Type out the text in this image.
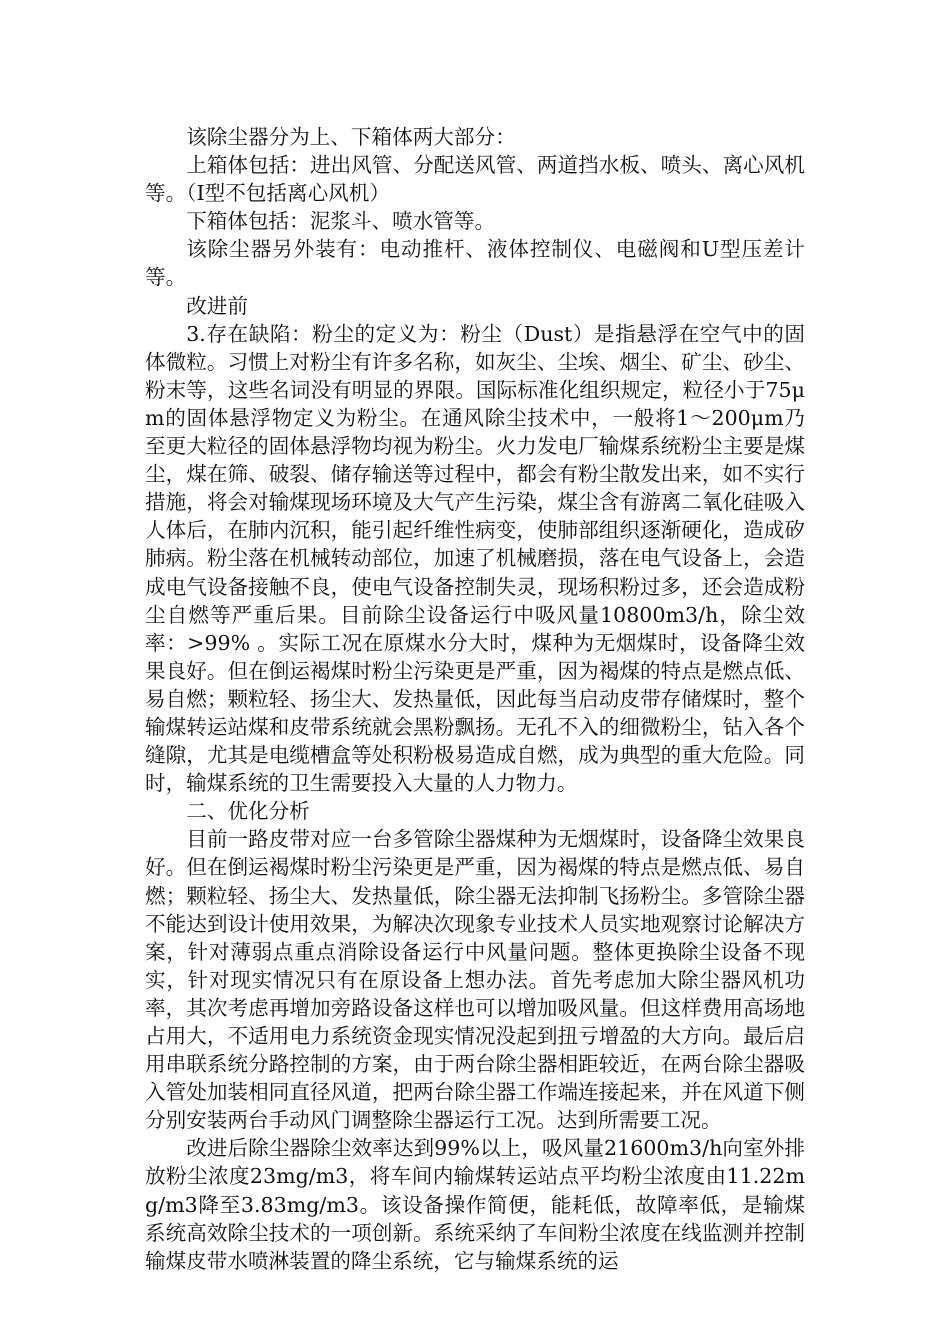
该除尘器分为上、下箱体两大部分：

上箱体包括：进出风管、分配送风管、两道挡水板、喷头、离心风机等。（Ⅰ型不包括离心风机）

下箱体包括：泥浆斗、喷水管等。

该除尘器另外装有：电动推杆、液体控制仪、电磁阀和U型压差计等。

改进前

3.存在缺陷：粉尘的定义为：粉尘（Dust）是指悬浮在空气中的固体微粒。习惯上对粉尘有许多名称，如灰尘、尘埃、烟尘、矿尘、砂尘、粉末等，这些名词没有明显的界限。国际标准化组织规定，粒径小于75μm的固体悬浮物定义为粉尘。在通风除尘技术中，一般将1～200μm乃至更大粒径的固体悬浮物均视为粉尘。火力发电厂输煤系统粉尘主要是煤尘，煤在筛、破裂、储存输送等过程中，都会有粉尘散发出来，如不实行措施，将会对输煤现场环境及大气产生污染，煤尘含有游离二氧化硅吸入人体后，在肺内沉积，能引起纤维性病变，使肺部组织逐渐硬化，造成矽肺病。粉尘落在机械转动部位，加速了机械磨损，落在电气设备上，会造成电气设备接触不良，使电气设备控制失灵，现场积粉过多，还会造成粉尘自燃等严重后果。目前除尘设备运行中吸风量10800m3/h，除尘效率：>99% 。实际工况在原煤水分大时，煤种为无烟煤时，设备降尘效果良好。但在倒运褐煤时粉尘污染更是严重，因为褐煤的特点是燃点低、易自燃；颗粒轻、扬尘大、发热量低，因此每当启动皮带存储煤时，整个输煤转运站煤和皮带系统就会黑粉飘扬。无孔不入的细微粉尘，钻入各个缝隙，尤其是电缆槽盒等处积粉极易造成自燃，成为典型的重大危险。同时，输煤系统的卫生需要投入大量的人力物力。

二、优化分析

目前一路皮带对应一台多管除尘器煤种为无烟煤时，设备降尘效果良好。但在倒运褐煤时粉尘污染更是严重，因为褐煤的特点是燃点低、易自燃；颗粒轻、扬尘大、发热量低，除尘器无法抑制飞扬粉尘。多管除尘器不能达到设计使用效果，为解决次现象专业技术人员实地观察讨论解决方案，针对薄弱点重点消除设备运行中风量问题。整体更换除尘设备不现实，针对现实情况只有在原设备上想办法。首先考虑加大除尘器风机功率，其次考虑再增加旁路设备这样也可以增加吸风量。但这样费用高场地占用大，不适用电力系统资金现实情况没起到扭亏增盈的大方向。最后启用串联系统分路控制的方案，由于两台除尘器相距较近，在两台除尘器吸入管处加装相同直径风道，把两台除尘器工作端连接起来，并在风道下侧分别安装两台手动风门调整除尘器运行工况。达到所需要工况。

改进后除尘器除尘效率达到99%以上，吸风量21600m3/h向室外排放粉尘浓度23mg/m3，将车间内输煤转运站点平均粉尘浓度由11.22mg/m3降至3.83mg/m3。该设备操作简便，能耗低，故障率低，是输煤系统高效除尘技术的一项创新。系统采纳了车间粉尘浓度在线监测并控制输煤皮带水喷淋装置的降尘系统，它与输煤系统的运
